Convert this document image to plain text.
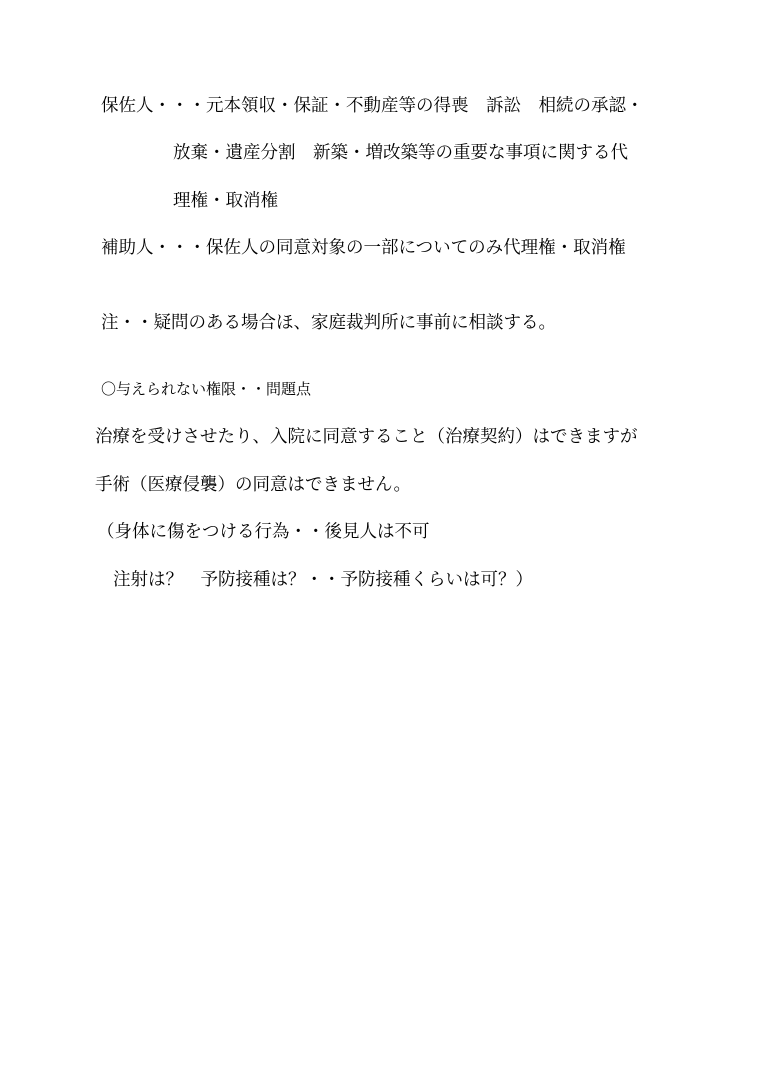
保佐人・・・元本領収・保証・不動産等の得喪　訴訟　相続の承認・
放棄・遺産分割　新築・増改築等の重要な事項に関する代
理権・取消権
補助人・・・保佐人の同意対象の一部についてのみ代理権・取消権
注・・疑問のある場合ほ、家庭裁判所に事前に相談する。
〇与えられない権限・・問題点
治療を受けさせたり、入院に同意すること（治療契約）はできますが
手術（医療侵襲）の同意はできません。
（身体に傷をつける行為・・後見人は不可
注射は？　予防接種は？・・予防接種くらいは可？）
